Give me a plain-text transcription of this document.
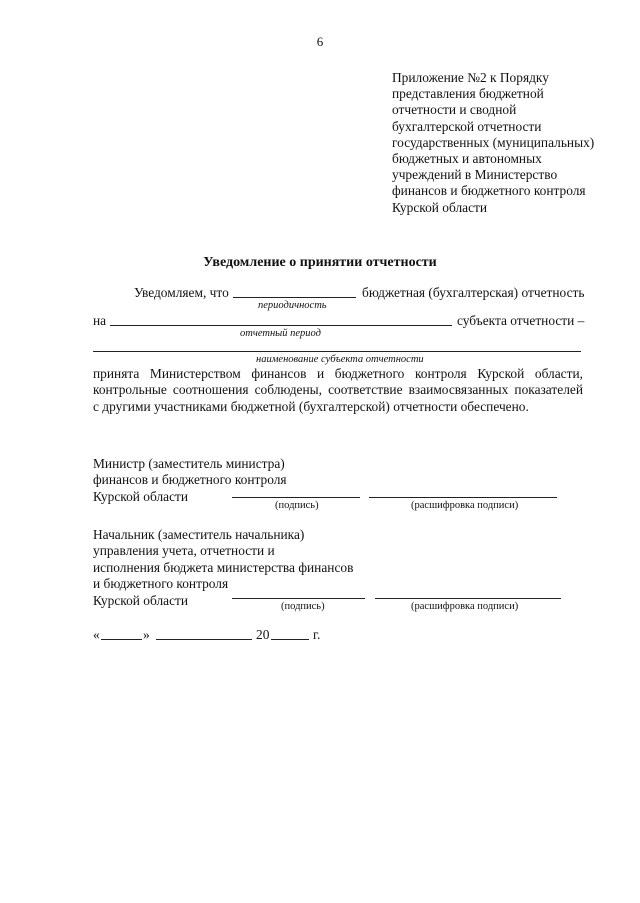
6
Приложение №2 к Порядку
представления бюджетной
отчетности и сводной
бухгалтерской отчетности
государственных (муниципальных)
бюджетных и автономных
учреждений в Министерство
финансов и бюджетного контроля
Курской области
Уведомление о принятии отчетности
Уведомляем, что	бюджетная (бухгалтерская) отчетность
периодичность
на	субъекта отчетности –
отчетный период
наименование субъекта отчетности
принята Министерством финансов и бюджетного контроля Курской области,
контрольные соотношения соблюдены, соответствие взаимосвязанных показателей
с другими участниками бюджетной (бухгалтерской) отчетности обеспечено.
Министр (заместитель министра)
финансов и бюджетного контроля
Курской области
(подпись)	(расшифровка подписи)
Начальник (заместитель начальника)
управления учета, отчетности и
исполнения бюджета министерства финансов
и бюджетного контроля
Курской области	(подпись)	(расшифровка подписи)
«	»	20	г.
